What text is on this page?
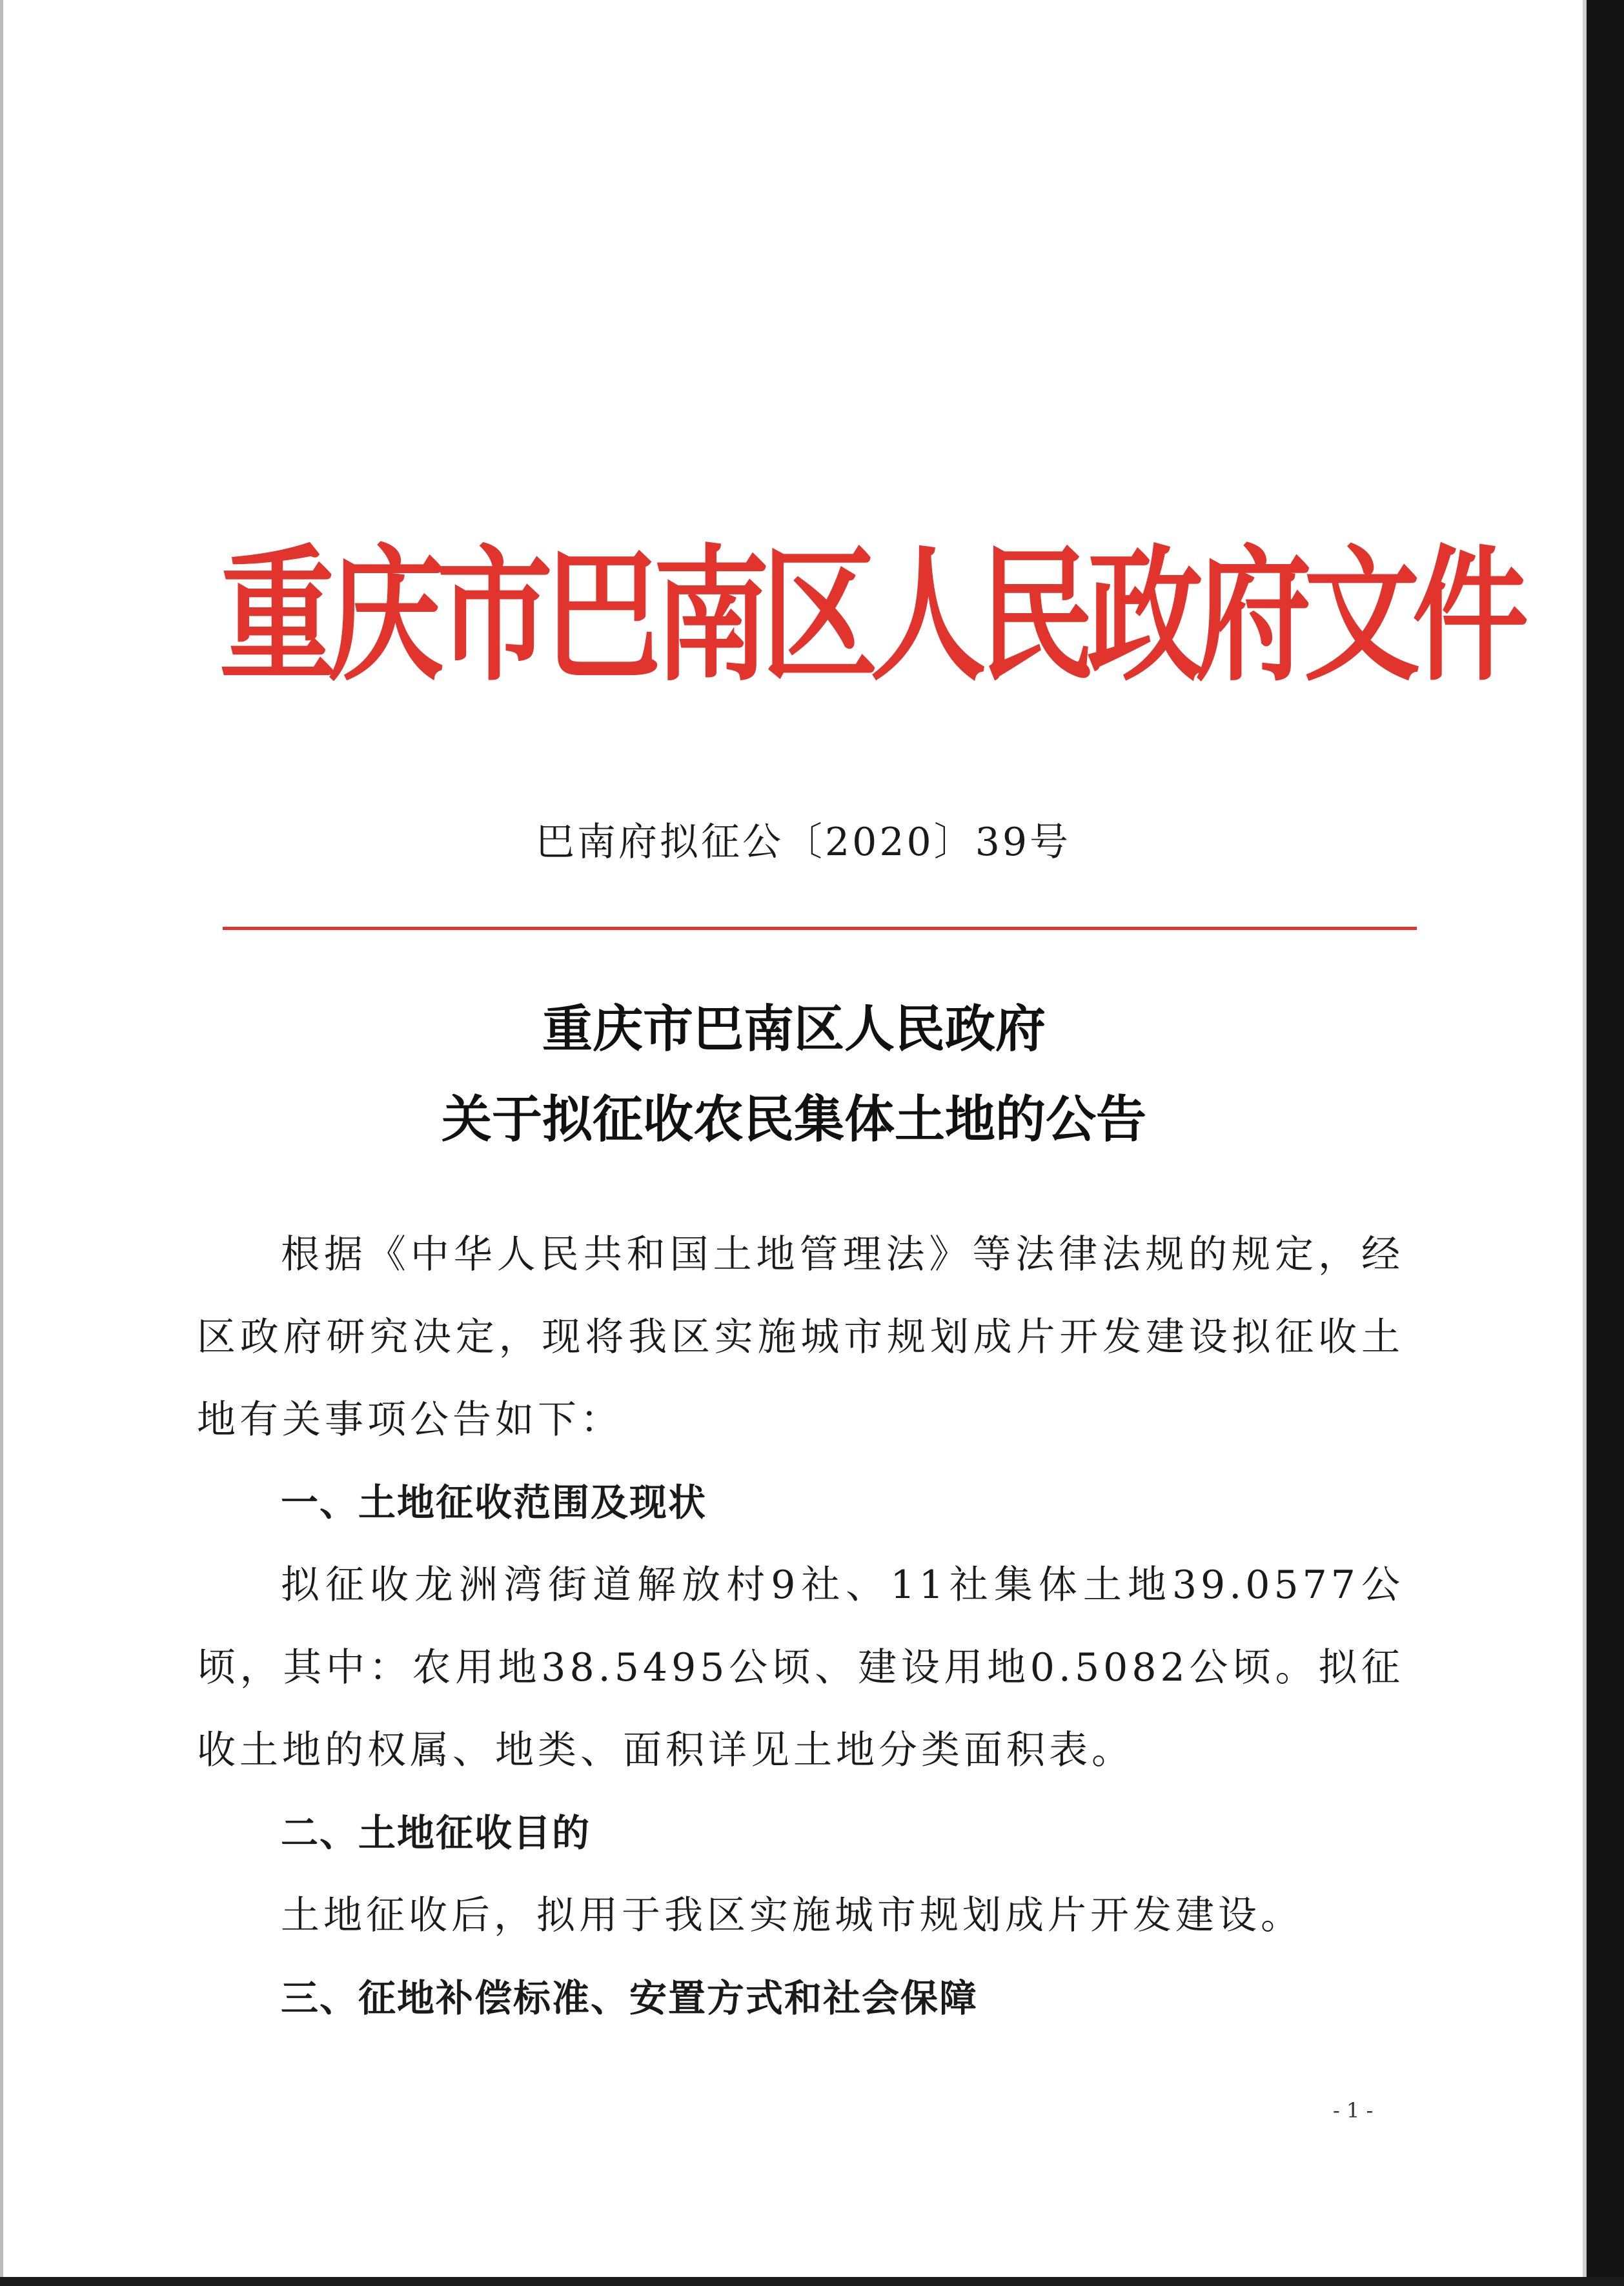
重庆市巴南区人民政府文件
巴南府拟征公〔2020〕39号
重庆市巴南区人民政府
关于拟征收农民集体土地的公告

根据《中华人民共和国土地管理法》等法律法规的规定，经区政府研究决定，现将我区实施城市规划成片开发建设拟征收土地有关事项公告如下：

一、土地征收范围及现状

拟征收龙洲湾街道解放村9社、11社集体土地39.0577公顷，其中：农用地38.5495公顷、建设用地0.5082公顷。拟征收土地的权属、地类、面积详见土地分类面积表。

二、土地征收目的

土地征收后，拟用于我区实施城市规划成片开发建设。

三、征地补偿标准、安置方式和社会保障

- 1 -
